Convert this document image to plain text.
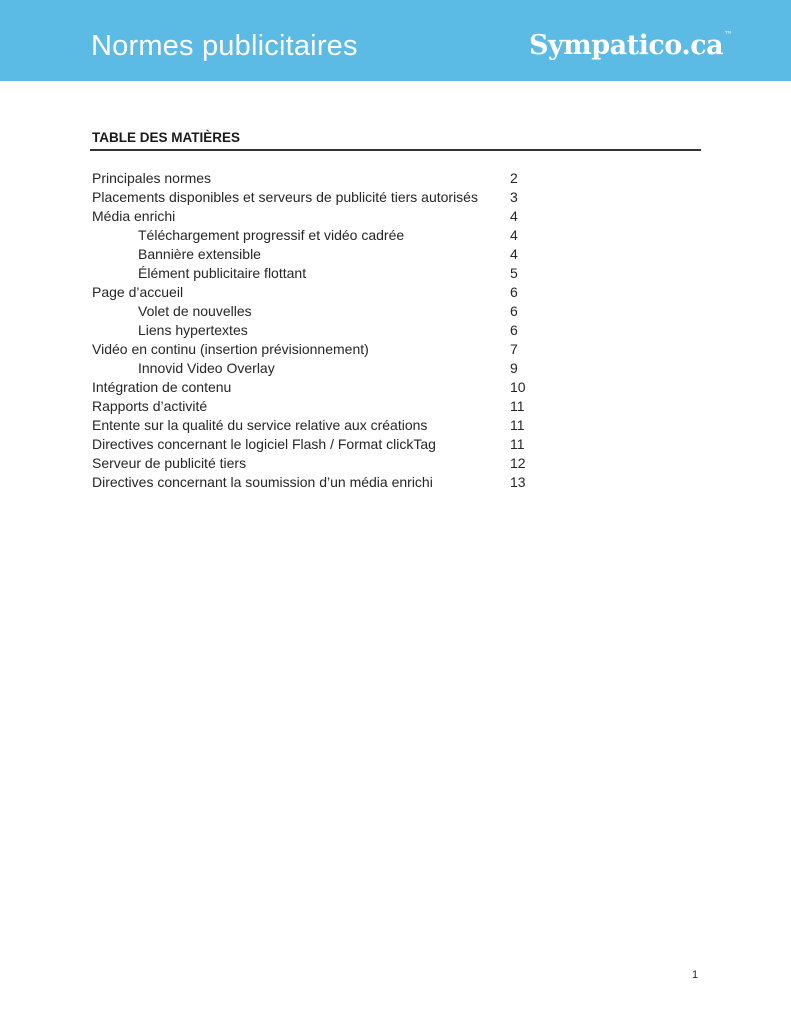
Normes publicitaires	Sympatico.ca™
TABLE DES MATIÈRES
Principales normes	2
Placements disponibles et serveurs de publicité tiers autorisés 3
Média enrichi	4
Téléchargement progressif et vidéo cadrée	4
Bannière extensible	4
Élément publicitaire flottant	5
Page d’accueil	6
Volet de nouvelles	6
Liens hypertextes	6
Vidéo en continu (insertion prévisionnement)	7
Innovid Video Overlay	9
Intégration de contenu	10
Rapports d’activité	11
Entente sur la qualité du service relative aux créations	11
Directives concernant le logiciel Flash / Format clickTag	11
Serveur de publicité tiers	12
Directives concernant la soumission d’un média enrichi	13
1
